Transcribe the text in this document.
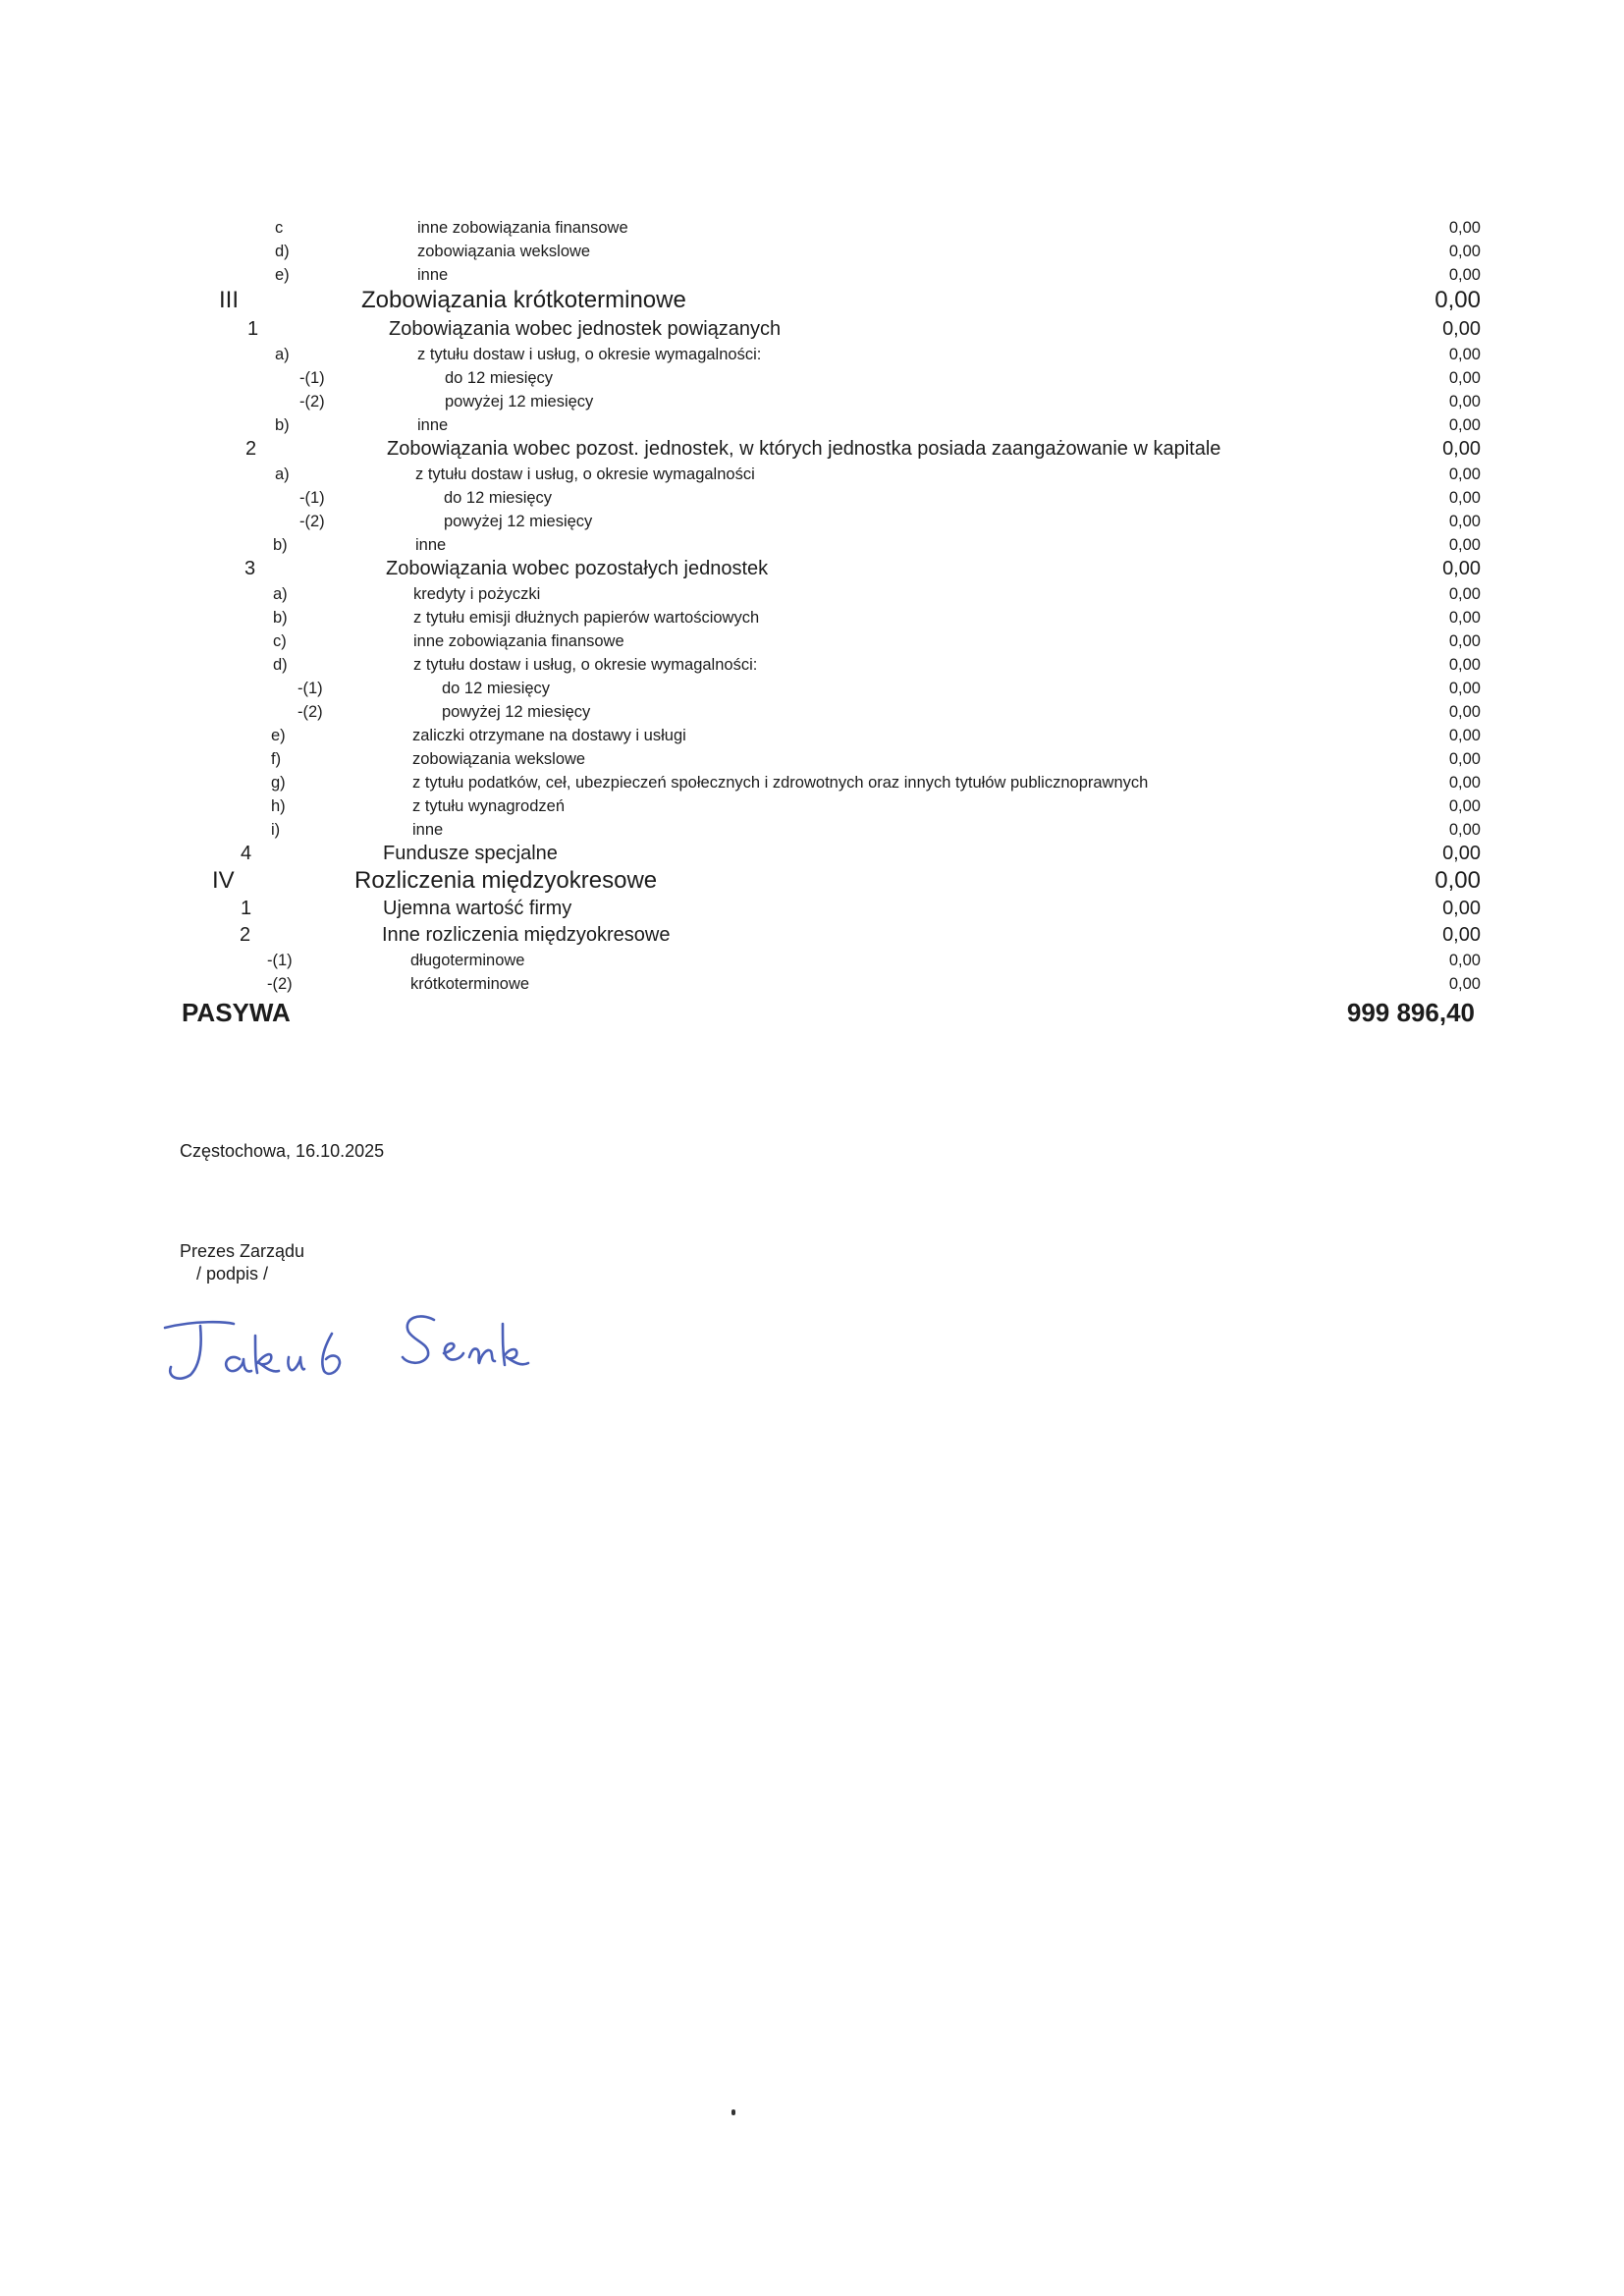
c	inne zobowiązania finansowe	0,00
d)	zobowiązania wekslowe	0,00
e)	inne	0,00
III	Zobowiązania krótkoterminowe	0,00
1	Zobowiązania wobec jednostek powiązanych	0,00
a)	z tytułu dostaw i usług, o okresie wymagalności:	0,00
-(1)	do 12 miesięcy	0,00
-(2)	powyżej 12 miesięcy	0,00
b)	inne	0,00
2	Zobowiązania wobec pozost. jednostek, w których jednostka posiada zaangażowanie w kapitale	0,00
a)	z tytułu dostaw i usług, o okresie wymagalności	0,00
-(1)	do 12 miesięcy	0,00
-(2)	powyżej 12 miesięcy	0,00
b)	inne	0,00
3	Zobowiązania wobec pozostałych jednostek	0,00
a)	kredyty i pożyczki	0,00
b)	z tytułu emisji dłużnych papierów wartościowych	0,00
c)	inne zobowiązania finansowe	0,00
d)	z tytułu dostaw i usług, o okresie wymagalności:	0,00
-(1)	do 12 miesięcy	0,00
-(2)	powyżej 12 miesięcy	0,00
e)	zaliczki otrzymane na dostawy i usługi	0,00
f)	zobowiązania wekslowe	0,00
g)	z tytułu podatków, ceł, ubezpieczeń społecznych i zdrowotnych oraz innych tytułów publicznoprawnych	0,00
h)	z tytułu wynagrodzeń	0,00
i)	inne	0,00
4	Fundusze specjalne	0,00
IV	Rozliczenia międzyokresowe	0,00
1	Ujemna wartość firmy	0,00
2	Inne rozliczenia międzyokresowe	0,00
-(1)	długoterminowe	0,00
-(2)	krótkoterminowe	0,00
PASYWA	999 896,40
Częstochowa, 16.10.2025
Prezes Zarządu
/ podpis /
